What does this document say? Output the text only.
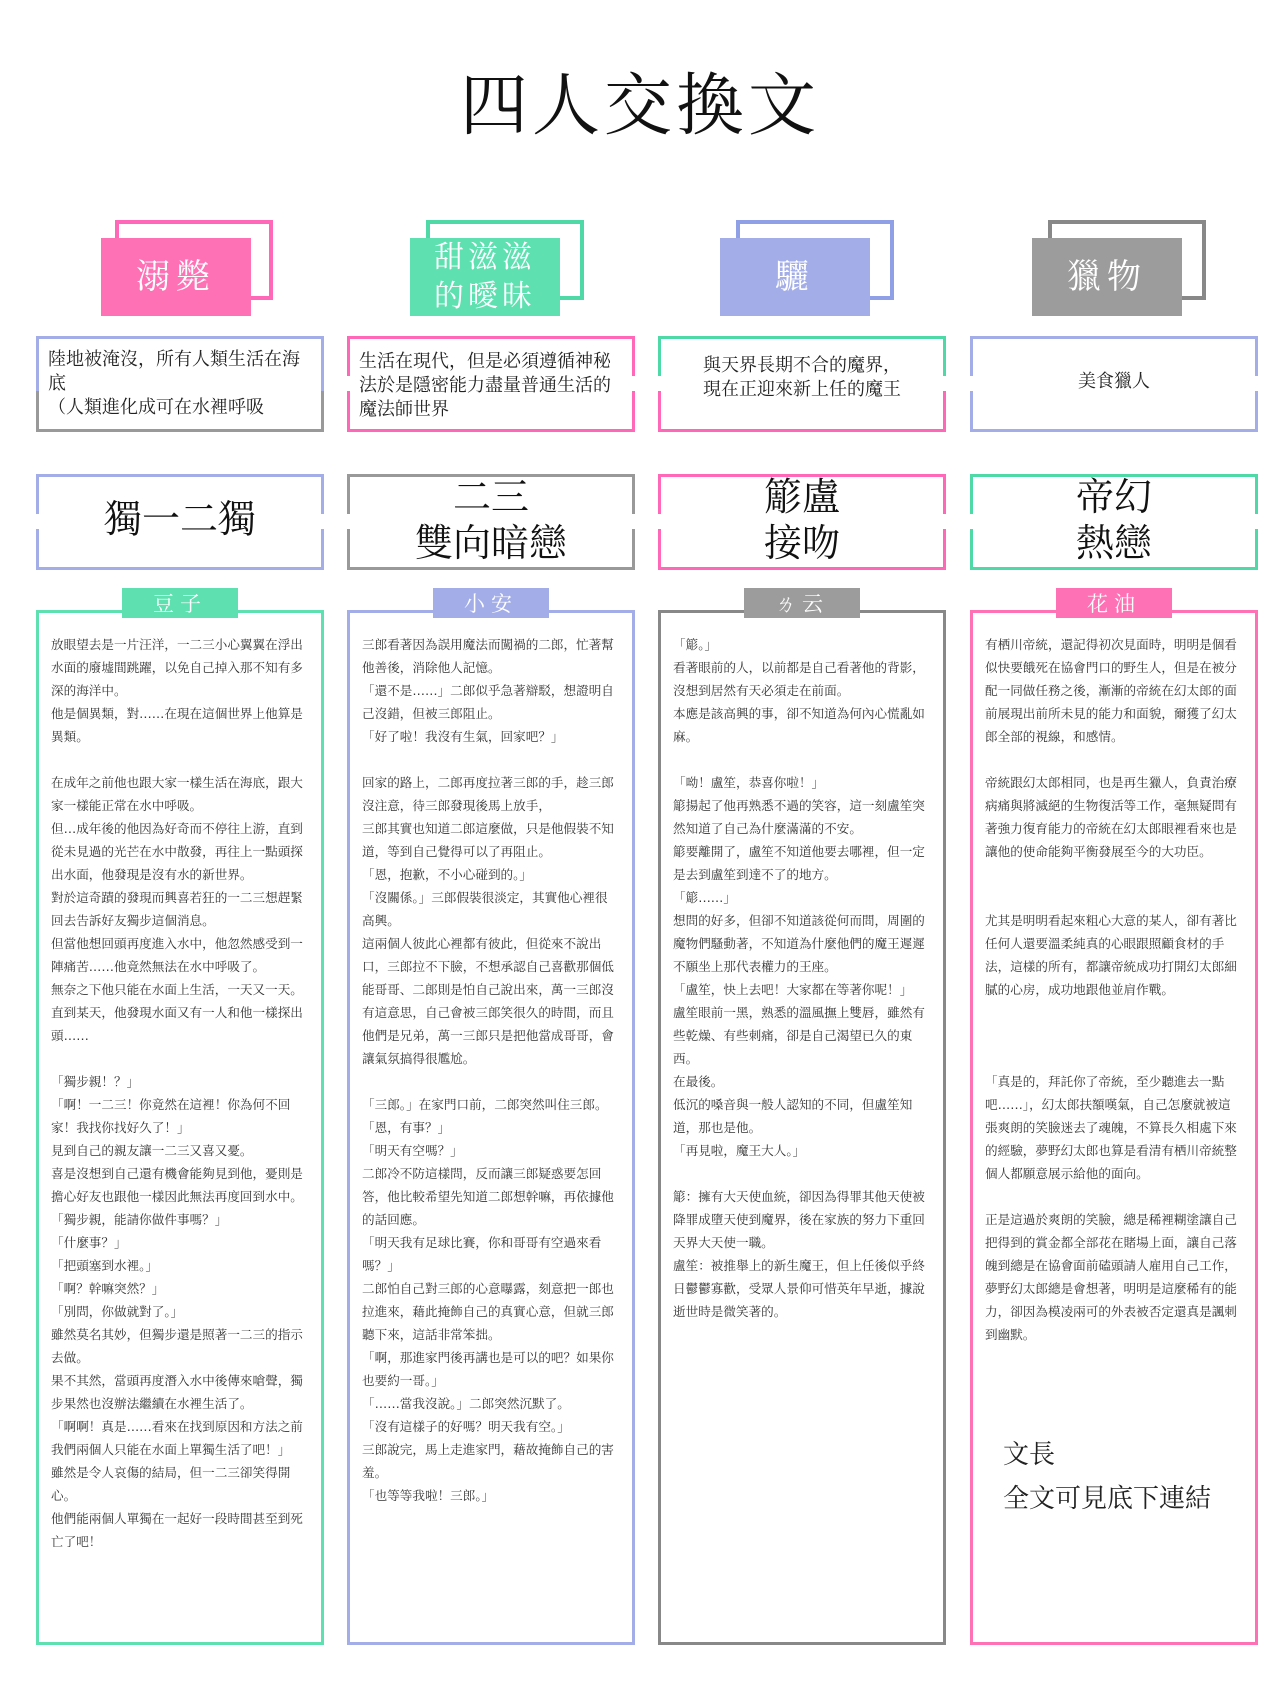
四人交換文
溺斃	甜滋滋的曖昧	驪	獵物
陸地被淹沒，所有人類生活在海底
（人類進化成可在水裡呼吸
生活在現代，但是必須遵循神秘法於是隱密能力盡量普通生活的魔法師世界
與天界長期不合的魔界，
現在正迎來新上任的魔王	美食獵人
獨一二獨	二三
雙向暗戀
簓盧
接吻
帝幻
熱戀
放眼望去是一片汪洋，一二三小心翼翼在浮出水面的廢墟間跳躍，以免自己掉入那不知有多深的海洋中。
他是個異類，對……在現在這個世界上他算是異類。

在成年之前他也跟大家一樣生活在海底，跟大家一樣能正常在水中呼吸。
但…成年後的他因為好奇而不停往上游，直到從未見過的光芒在水中散發，再往上一點頭探出水面，他發現是沒有水的新世界。
對於這奇蹟的發現而興喜若狂的一二三想趕緊回去告訴好友獨步這個消息。
但當他想回頭再度進入水中，他忽然感受到一陣痛苦……他竟然無法在水中呼吸了。
無奈之下他只能在水面上生活，一天又一天。直到某天，他發現水面又有一人和他一樣探出頭……

「獨步親！？」
「啊！一二三！你竟然在這裡！你為何不回家！我找你找好久了！」
見到自己的親友讓一二三又喜又憂。
喜是沒想到自己還有機會能夠見到他，憂則是擔心好友也跟他一樣因此無法再度回到水中。
「獨步親，能請你做件事嗎？」
「什麼事？」
「把頭塞到水裡。」
「啊？幹嘛突然？」
「別問，你做就對了。」
雖然莫名其妙，但獨步還是照著一二三的指示去做。
果不其然，當頭再度潛入水中後傳來嗆聲，獨步果然也沒辦法繼續在水裡生活了。
「啊啊！真是……看來在找到原因和方法之前我們兩個人只能在水面上單獨生活了吧！」
雖然是令人哀傷的結局，但一二三卻笑得開心。
他們能兩個人單獨在一起好一段時間甚至到死亡了吧！
豆子
三郎看著因為誤用魔法而闖禍的二郎，忙著幫他善後，消除他人記憶。
「還不是……」二郎似乎急著辯駁，想證明自己沒錯，但被三郎阻止。
「好了啦！我沒有生氣，回家吧？」

回家的路上，二郎再度拉著三郎的手，趁三郎沒注意，待三郎發現後馬上放手，
三郎其實也知道二郎這麼做，只是他假裝不知道，等到自己覺得可以了再阻止。
「恩，抱歉，不小心碰到的。」
「沒關係。」三郎假裝很淡定，其實他心裡很高興。
這兩個人彼此心裡都有彼此，但從來不說出口，三郎拉不下臉，不想承認自己喜歡那個低能哥哥、二郎則是怕自己說出來，萬一三郎沒有這意思，自己會被三郎笑很久的時間，而且他們是兄弟，萬一三郎只是把他當成哥哥，會讓氣氛搞得很尷尬。

「三郎。」在家門口前，二郎突然叫住三郎。
「恩，有事？」
「明天有空嗎？」
二郎冷不防這樣問，反而讓三郎疑惑要怎回答，他比較希望先知道二郎想幹嘛，再依據他的話回應。
「明天我有足球比賽，你和哥哥有空過來看嗎？」
二郎怕自己對三郎的心意曝露，刻意把一郎也拉進來，藉此掩飾自己的真實心意，但就三郎聽下來，這話非常笨拙。
「啊，那進家門後再講也是可以的吧？如果你也要約一哥。」
「……當我沒說。」二郎突然沉默了。
「沒有這樣子的好嗎？明天我有空。」
三郎說完，馬上走進家門，藉故掩飾自己的害羞。
「也等等我啦！三郎。」
小安
「簓。」
看著眼前的人，以前都是自己看著他的背影，沒想到居然有天必須走在前面。
本應是該高興的事，卻不知道為何內心慌亂如麻。

「呦！盧笙，恭喜你啦！」
簓揚起了他再熟悉不過的笑容，這一刻盧笙突然知道了自己為什麼滿滿的不安。
簓要離開了，盧笙不知道他要去哪裡，但一定是去到盧笙到達不了的地方。
「簓……」
想問的好多，但卻不知道該從何而問，周圍的魔物們騷動著，不知道為什麼他們的魔王遲遲不願坐上那代表權力的王座。
「盧笙，快上去吧！大家都在等著你呢！」
盧笙眼前一黑，熟悉的溫風撫上雙唇，雖然有些乾燥、有些刺痛，卻是自己渴望已久的東西。
在最後。
低沉的嗓音與一般人認知的不同，但盧笙知道，那也是他。
「再見啦，魔王大人。」

簓：擁有大天使血統，卻因為得罪其他天使被降罪成墮天使到魔界，後在家族的努力下重回天界大天使一職。
盧笙：被推舉上的新生魔王，但上任後似乎終日鬱鬱寡歡，受眾人景仰可惜英年早逝，據說逝世時是微笑著的。
ㄌ云
有栖川帝統，還記得初次見面時，明明是個看似快要餓死在協會門口的野生人，但是在被分配一同做任務之後，漸漸的帝統在幻太郎的面前展現出前所未見的能力和面貌，爾獲了幻太郎全部的視線，和感情。

帝統跟幻太郎相同，也是再生獵人，負責治療病痛與將滅絕的生物復活等工作，毫無疑問有著強力復育能力的帝統在幻太郎眼裡看來也是讓他的使命能夠平衡發展至今的大功臣。

尤其是明明看起來粗心大意的某人，卻有著比任何人還要溫柔純真的心眼跟照顧食材的手法，這樣的所有，都讓帝統成功打開幻太郎細膩的心房，成功地跟他並肩作戰。

「真是的，拜託你了帝統，至少聽進去一點吧……」，幻太郎扶額嘆氣，自己怎麼就被這張爽朗的笑臉迷去了魂魄，不算長久相處下來的經驗，夢野幻太郎也算是看清有栖川帝統整個人都願意展示給他的面向。

正是這過於爽朗的笑臉，總是稀裡糊塗讓自己把得到的賞金都全部花在賭場上面，讓自己落魄到總是在協會面前磕頭請人雇用自己工作，夢野幻太郎總是會想著，明明是這麼稀有的能力，卻因為模凌兩可的外表被否定還真是諷刺到幽默。
文長
全文可見底下連結
花油
